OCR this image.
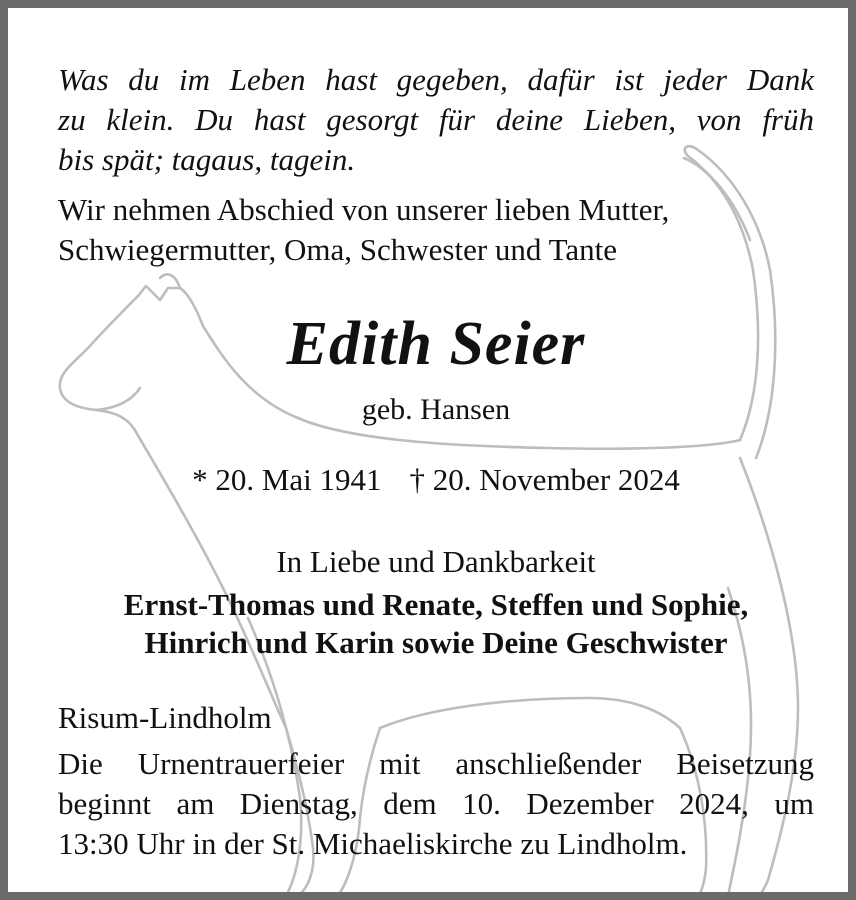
Was du im Leben hast gegeben, dafür ist jeder Dank
zu klein. Du hast gesorgt für deine Lieben, von früh
bis spät; tagaus, tagein.

Wir nehmen Abschied von unserer lieben Mutter,
Schwiegermutter, Oma, Schwester und Tante

Edith Seier

geb. Hansen

* 20. Mai 1941 † 20. November 2024

In Liebe und Dankbarkeit

Ernst-Thomas und Renate, Steffen und Sophie,
Hinrich und Karin sowie Deine Geschwister

Risum-Lindholm

Die Urnentrauerfeier mit anschließender Beisetzung
beginnt am Dienstag, dem 10. Dezember 2024, um
13:30 Uhr in der St. Michaeliskirche zu Lindholm.
